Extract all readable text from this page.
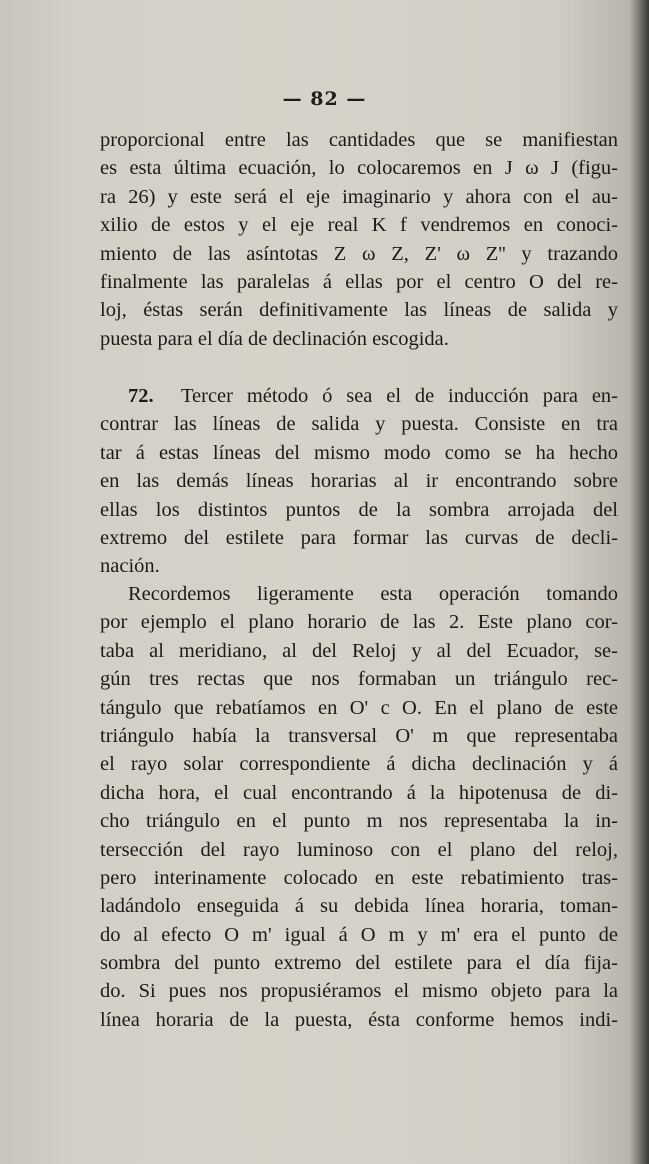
— 82 —
proporcional entre las cantidades que se manifiestan
es esta última ecuación, lo colocaremos en J ω J (figu-
ra 26) y este será el eje imaginario y ahora con el au-
xilio de estos y el eje real K f vendremos en conoci-
miento de las asíntotas Z ω Z, Z' ω Z'' y trazando
finalmente las paralelas á ellas por el centro O del re-
loj, éstas serán definitivamente las líneas de salida y
puesta para el día de declinación escogida.
72. Tercer método ó sea el de inducción para en-
contrar las líneas de salida y puesta. Consiste en tra
tar á estas líneas del mismo modo como se ha hecho
en las demás líneas horarias al ir encontrando sobre
ellas los distintos puntos de la sombra arrojada del
extremo del estilete para formar las curvas de decli-
nación.
Recordemos ligeramente esta operación tomando
por ejemplo el plano horario de las 2. Este plano cor-
taba al meridiano, al del Reloj y al del Ecuador, se-
gún tres rectas que nos formaban un triángulo rec-
tángulo que rebatíamos en O' c O. En el plano de este
triángulo había la transversal O' m que representaba
el rayo solar correspondiente á dicha declinación y á
dicha hora, el cual encontrando á la hipotenusa de di-
cho triángulo en el punto m nos representaba la in-
tersección del rayo luminoso con el plano del reloj,
pero interinamente colocado en este rebatimiento tras-
ladándolo enseguida á su debida línea horaria, toman-
do al efecto O m' igual á O m y m' era el punto de
sombra del punto extremo del estilete para el día fija-
do. Si pues nos propusiéramos el mismo objeto para la
línea horaria de la puesta, ésta conforme hemos indi-
